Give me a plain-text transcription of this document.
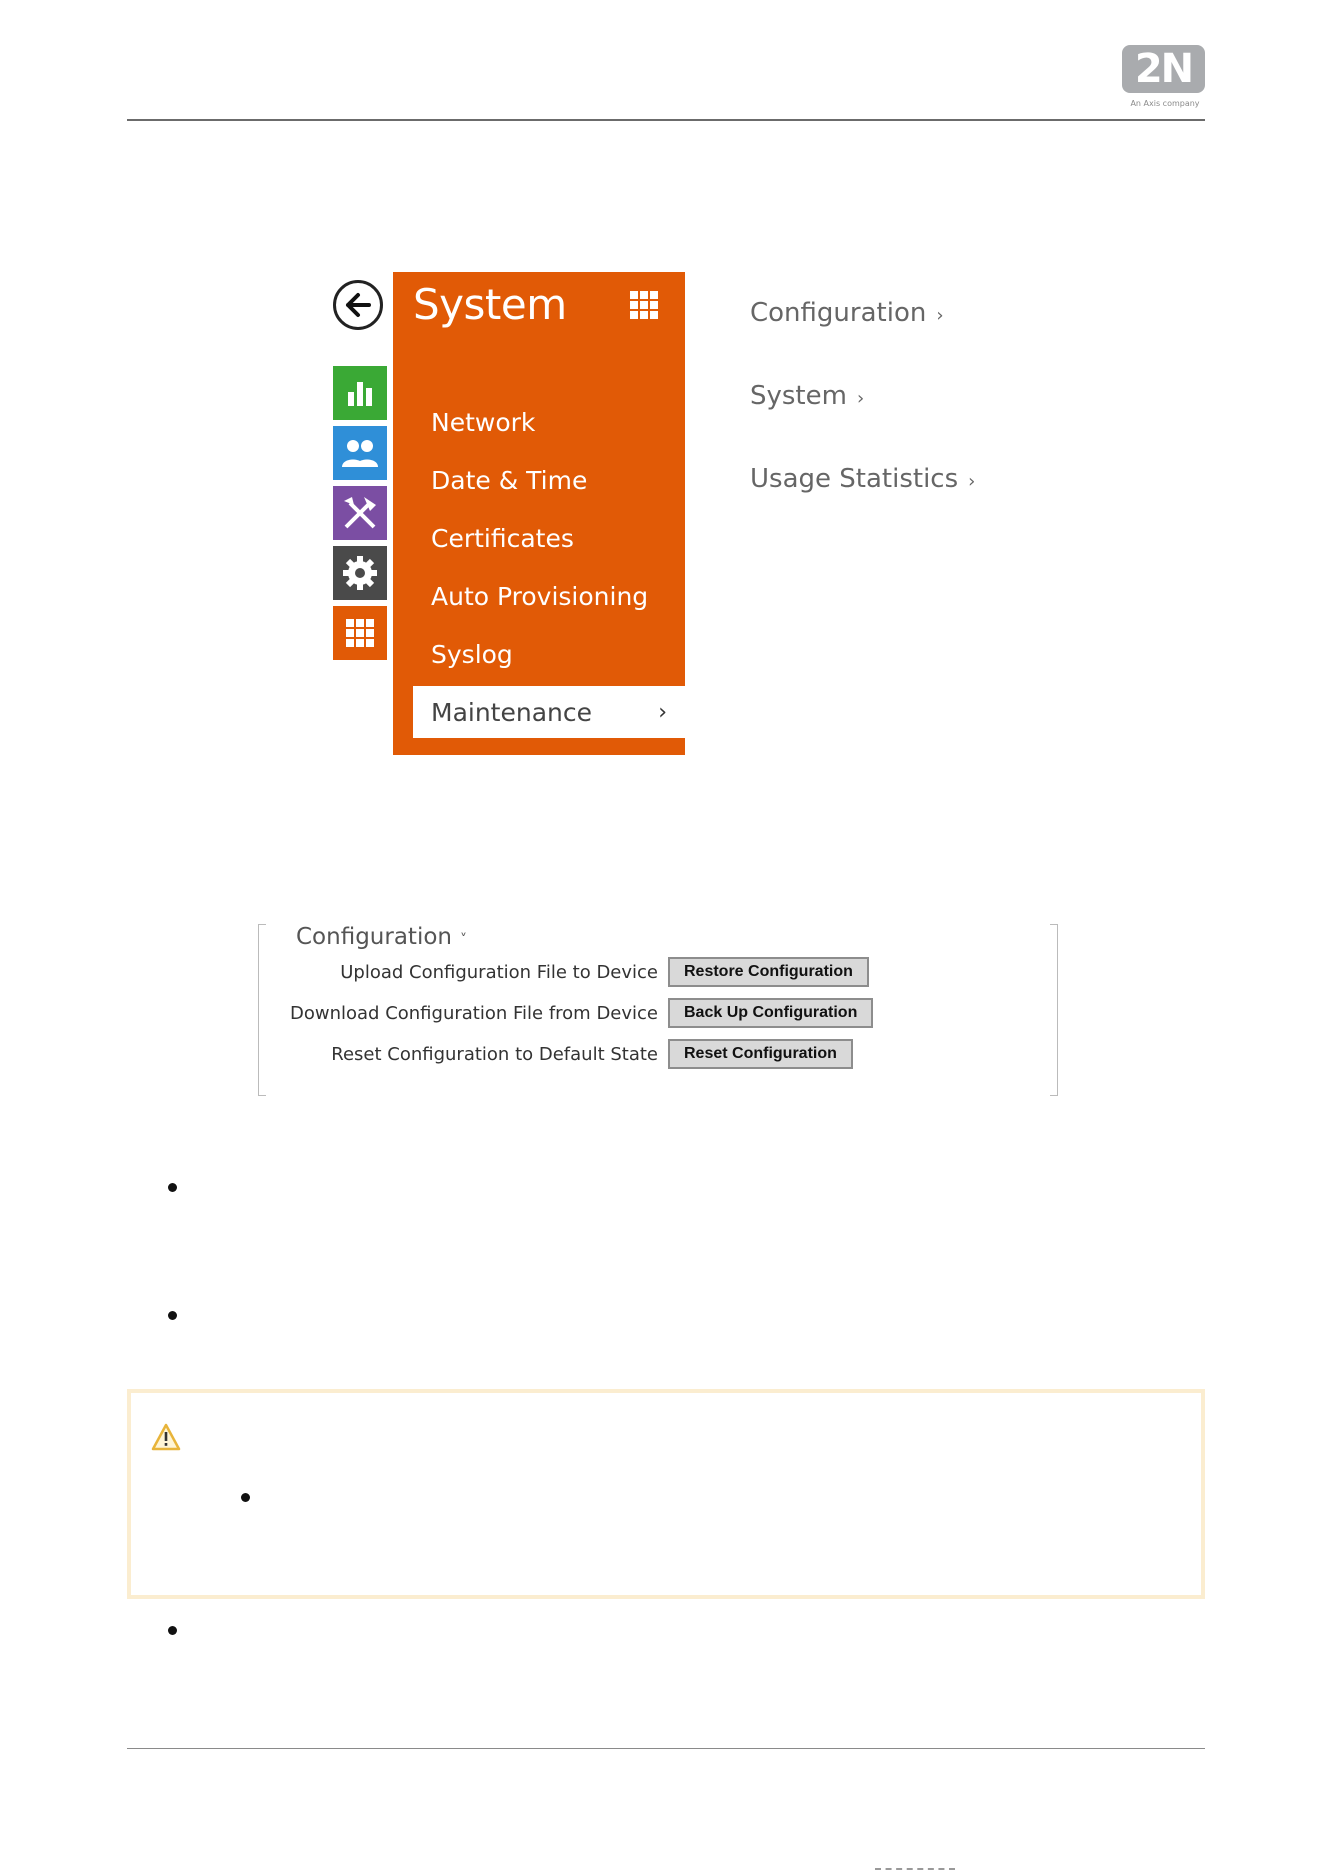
2N
An Axis company
System
Network
Date & Time
Certificates
Auto Provisioning
Syslog
Maintenance	›
Configuration ›
System ›
Usage Statistics ›
Configuration ˅
Upload Configuration File to Device	Restore Configuration
Download Configuration File from Device	Back Up Configuration
Reset Configuration to Default State	Reset Configuration
